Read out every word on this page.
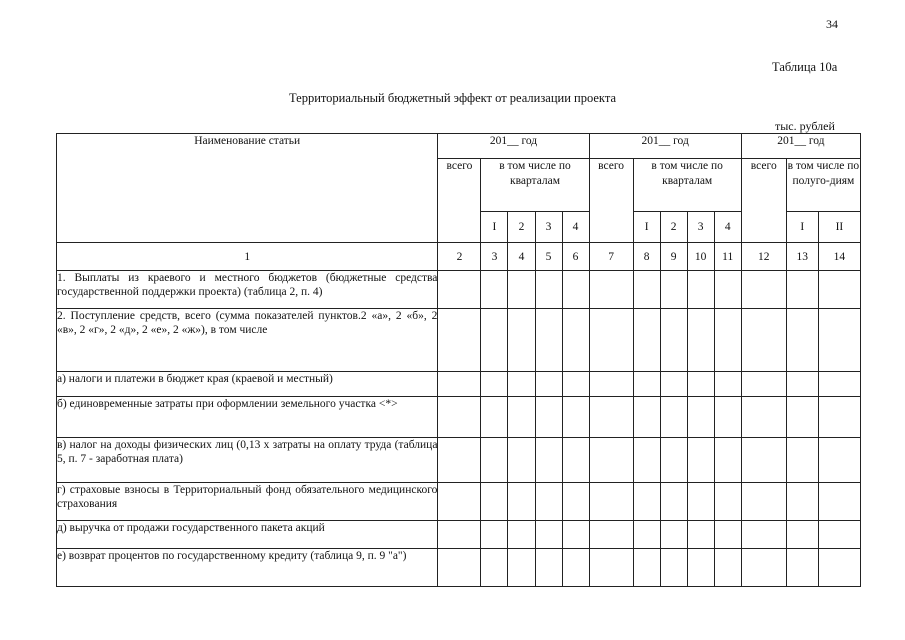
34
Таблица 10а
Территориальный бюджетный эффект от реализации проекта
тыс. рублей
Наименование статьи	201__ год					201__ год					201__ год		
	всего	в том числе по кварталам				всего	в том числе по кварталам				всего	в том числе по полуго-диям	
		I	2	3	4		I	2	3	4		I	II
1	2	3	4	5	6	7	8	9	10	11	12	13	14
1. Выплаты из краевого и местного бюджетов (бюджетные средства государственной поддержки проекта) (таблица 2, п. 4)													
2. Поступление средств, всего (сумма показателей пунктов.2 «а», 2 «б», 2 «в», 2 «г», 2 «д», 2 «е», 2 «ж»), в том числе													
а) налоги и платежи в бюджет края (краевой и местный)													
б) единовременные затраты при оформлении земельного участка <*>													
в) налог на доходы физических лиц (0,13 х затраты на оплату труда (таблица 5, п. 7 - заработная плата)													
г) страховые взносы в Территориальный фонд обязательного медицинского страхования													
д) выручка от продажи государственного пакета акций													
е) возврат процентов по государственному кредиту (таблица 9, п. 9 "а")													
